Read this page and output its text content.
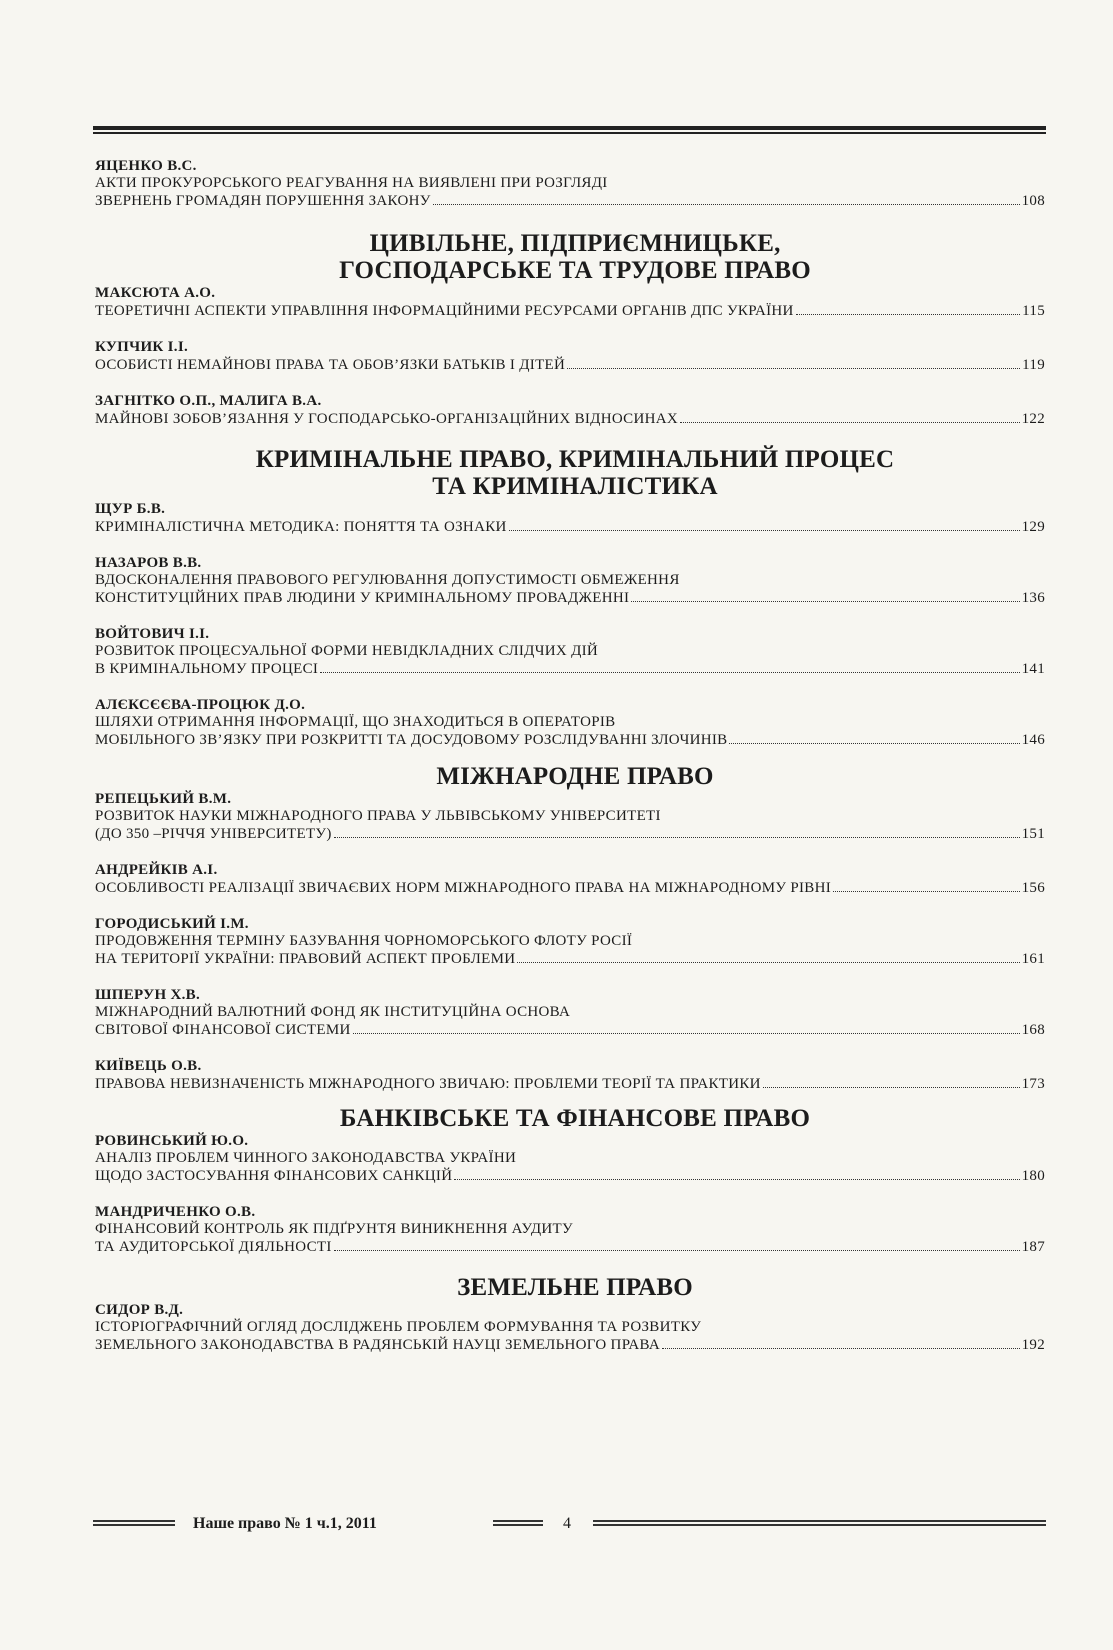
ЯЦЕНКО В.С.
АКТИ ПРОКУРОРСЬКОГО РЕАГУВАННЯ НА ВИЯВЛЕНІ ПРИ РОЗГЛЯДІ
ЗВЕРНЕНЬ ГРОМАДЯН ПОРУШЕННЯ ЗАКОНУ	108
ЦИВІЛЬНЕ, ПІДПРИЄМНИЦЬКЕ,
ГОСПОДАРСЬКЕ ТА ТРУДОВЕ ПРАВО
МАКСЮТА А.О.
ТЕОРЕТИЧНІ АСПЕКТИ УПРАВЛІННЯ ІНФОРМАЦІЙНИМИ РЕСУРСАМИ ОРГАНІВ ДПС УКРАЇНИ	115
КУПЧИК І.І.
ОСОБИСТІ НЕМАЙНОВІ ПРАВА ТА ОБОВ’ЯЗКИ БАТЬКІВ І ДІТЕЙ	119
ЗАГНІТКО О.П., МАЛИГА В.А.
МАЙНОВІ ЗОБОВ’ЯЗАННЯ У ГОСПОДАРСЬКО-ОРГАНІЗАЦІЙНИХ ВІДНОСИНАХ	122
КРИМІНАЛЬНЕ ПРАВО, КРИМІНАЛЬНИЙ ПРОЦЕС
ТА КРИМІНАЛІСТИКА
ЩУР Б.В.
КРИМІНАЛІСТИЧНА МЕТОДИКА: ПОНЯТТЯ ТА ОЗНАКИ	129
НАЗАРОВ В.В.
ВДОСКОНАЛЕННЯ ПРАВОВОГО РЕГУЛЮВАННЯ ДОПУСТИМОСТІ ОБМЕЖЕННЯ
КОНСТИТУЦІЙНИХ ПРАВ ЛЮДИНИ У КРИМІНАЛЬНОМУ ПРОВАДЖЕННІ	136
ВОЙТОВИЧ І.І.
РОЗВИТОК ПРОЦЕСУАЛЬНОЇ ФОРМИ НЕВІДКЛАДНИХ СЛІДЧИХ ДІЙ
В КРИМІНАЛЬНОМУ ПРОЦЕСІ	141
АЛЄКСЄЄВА-ПРОЦЮК Д.О.
ШЛЯХИ ОТРИМАННЯ ІНФОРМАЦІЇ, ЩО ЗНАХОДИТЬСЯ В ОПЕРАТОРІВ
МОБІЛЬНОГО ЗВ’ЯЗКУ ПРИ РОЗКРИТТІ ТА ДОСУДОВОМУ РОЗСЛІДУВАННІ ЗЛОЧИНІВ	146
МІЖНАРОДНЕ ПРАВО
РЕПЕЦЬКИЙ В.М.
РОЗВИТОК НАУКИ МІЖНАРОДНОГО ПРАВА У ЛЬВІВСЬКОМУ УНІВЕРСИТЕТІ
(ДО 350 –РІЧЧЯ УНІВЕРСИТЕТУ)	151
АНДРЕЙКІВ А.І.
ОСОБЛИВОСТІ РЕАЛІЗАЦІЇ ЗВИЧАЄВИХ НОРМ МІЖНАРОДНОГО ПРАВА НА МІЖНАРОДНОМУ РІВНІ	156
ГОРОДИСЬКИЙ І.М.
ПРОДОВЖЕННЯ ТЕРМІНУ БАЗУВАННЯ ЧОРНОМОРСЬКОГО ФЛОТУ РОСІЇ
НА ТЕРИТОРІЇ УКРАЇНИ: ПРАВОВИЙ АСПЕКТ ПРОБЛЕМИ	161
ШПЕРУН Х.В.
МІЖНАРОДНИЙ ВАЛЮТНИЙ ФОНД ЯК ІНСТИТУЦІЙНА ОСНОВА
СВІТОВОЇ ФІНАНСОВОЇ СИСТЕМИ	168
КИЇВЕЦЬ О.В.
ПРАВОВА НЕВИЗНАЧЕНІСТЬ МІЖНАРОДНОГО ЗВИЧАЮ: ПРОБЛЕМИ ТЕОРІЇ ТА ПРАКТИКИ	173
БАНКІВСЬКЕ ТА ФІНАНСОВЕ ПРАВО
РОВИНСЬКИЙ Ю.О.
АНАЛІЗ ПРОБЛЕМ ЧИННОГО ЗАКОНОДАВСТВА УКРАЇНИ
ЩОДО ЗАСТОСУВАННЯ ФІНАНСОВИХ САНКЦІЙ	180
МАНДРИЧЕНКО О.В.
ФІНАНСОВИЙ КОНТРОЛЬ ЯК ПІДҐРУНТЯ ВИНИКНЕННЯ АУДИТУ
ТА АУДИТОРСЬКОЇ ДІЯЛЬНОСТІ	187
ЗЕМЕЛЬНЕ ПРАВО
СИДОР В.Д.
ІСТОРІОГРАФІЧНИЙ ОГЛЯД ДОСЛІДЖЕНЬ ПРОБЛЕМ ФОРМУВАННЯ ТА РОЗВИТКУ
ЗЕМЕЛЬНОГО ЗАКОНОДАВСТВА В РАДЯНСЬКІЙ НАУЦІ ЗЕМЕЛЬНОГО ПРАВА	192
Наше право № 1 ч.1, 2011	4
